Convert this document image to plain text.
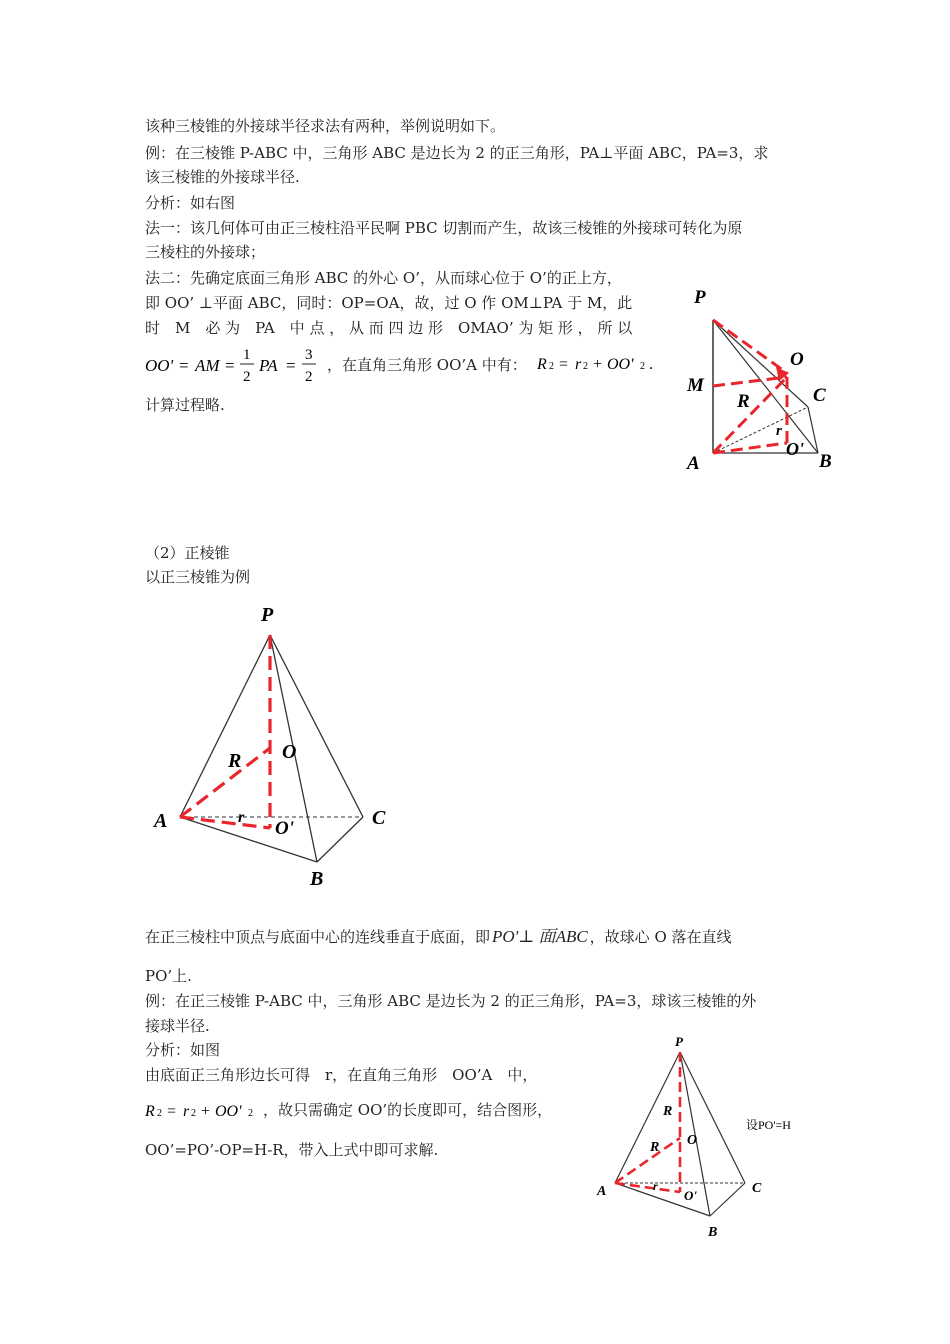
该种三棱锥的外接球半径求法有两种，举例说明如下。
例：在三棱锥 P-ABC 中，三角形 ABC 是边长为 2 的正三角形，PA⊥平面 ABC，PA=3，求
该三棱锥的外接球半径.
分析：如右图
法一：该几何体可由正三棱柱沿平民啊 PBC 切割而产生，故该三棱锥的外接球可转化为原
三棱柱的外接球；
法二：先确定底面三角形 ABC 的外心 O’，从而球心位于 O’的正上方，
即 OO’ ⊥平面 ABC，同时：OP=OA，故，过 O 作 OM⊥PA 于 M，此
时　M　必 为　PA　中 点 ， 从 而 四 边 形　OMAO’ 为 矩 形 ， 所 以
OO' = AM =
1
2
PA =
3
2
，在直角三角形 OO’A 中有： R 2 = r 2 + OO' 2 .
计算过程略.
P
O
M
R	C
r
O'
A	B
（2）正棱锥
以正三棱锥为例
P
O
R
r
O'
A	C
B
在正三棱柱中顶点与底面中心的连线垂直于底面，即 PO'⊥ 面ABC ，故球心 O 落在直线
PO’上.
例：在正三棱锥 P-ABC 中，三角形 ABC 是边长为 2 的正三角形，PA=3，球该三棱锥的外
接球半径.
分析：如图
由底面正三角形边长可得　r，在直角三角形　OO’A　中，
R 2 = r 2 + OO' 2 ，故只需确定 OO’的长度即可，结合图形，
OO’=PO’-OP=H-R，带入上式中即可求解.
P
R
O
R
r
O'
A	C
B
设PO'=H
